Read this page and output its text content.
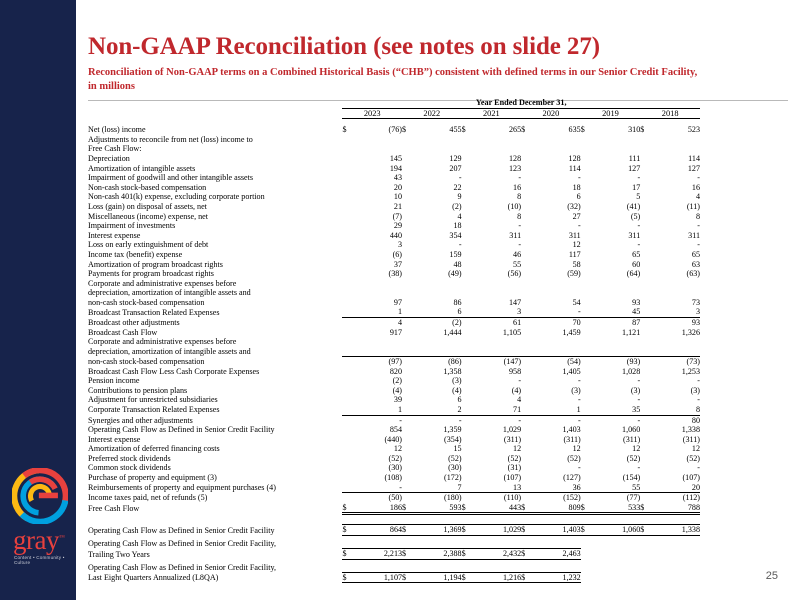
Non-GAAP Reconciliation (see notes on slide 27)
Reconciliation of Non-GAAP terms on a Combined Historical Basis (“CHB”) consistent with defined terms in our Senior Credit Facility, in millions
	Year Ended December 31,											
	2023		2022		2021		2020		2019		2018	

Net (loss) income	$	(76)	$	455	$	265	$	635	$	310	$	523
Adjustments to reconcile from net (loss) income to												
Free Cash Flow:												
Depreciation		145		129		128		128		111		114
Amortization of intangible assets		194		207		123		114		127		127
Impairment of goodwill and other intangible assets		43		-		-		-		-		-
Non-cash stock-based compensation		20		22		16		18		17		16
Non-cash 401(k) expense, excluding corporate portion		10		9		8		6		5		4
Loss (gain) on disposal of assets, net		21		(2)		(10)		(32)		(41)		(11)
Miscellaneous (income) expense, net		(7)		4		8		27		(5)		8
Impairment of investments		29		18		-		-		-		-
Interest expense		440		354		311		311		311		311
Loss on early extinguishment of debt		3		-		-		12		-		-
Income tax (benefit) expense		(6)		159		46		117		65		65
Amortization of program broadcast rights		37		48		55		58		60		63
Payments for program broadcast rights		(38)		(49)		(56)		(59)		(64)		(63)
Corporate and administrative expenses before												
depreciation, amortization of intangible assets and												
non-cash stock-based compensation		97		86		147		54		93		73
Broadcast Transaction Related Expenses		1		6		3		-		45		3
Broadcast other adjustments		4		(2)		61		70		87		93
Broadcast Cash Flow		917		1,444		1,105		1,459		1,121		1,326
Corporate and administrative expenses before												
depreciation, amortization of intangible assets and												
non-cash stock-based compensation		(97)		(86)		(147)		(54)		(93)		(73)
Broadcast Cash Flow Less Cash Corporate Expenses		820		1,358		958		1,405		1,028		1,253
Pension income		(2)		(3)		-		-		-		-
Contributions to pension plans		(4)		(4)		(4)		(3)		(3)		(3)
Adjustment for unrestricted subsidiaries		39		6		4		-		-		-
Corporate Transaction Related Expenses		1		2		71		1		35		8
Synergies and other adjustments		-		-		-		-		-		80
Operating Cash Flow as Defined in Senior Credit Facility		854		1,359		1,029		1,403		1,060		1,338
Interest expense		(440)		(354)		(311)		(311)		(311)		(311)
Amortization of deferred financing costs		12		15		12		12		12		12
Preferred stock dividends		(52)		(52)		(52)		(52)		(52)		(52)
Common stock dividends		(30)		(30)		(31)		-		-		-
Purchase of property and equipment (3)		(108)		(172)		(107)		(127)		(154)		(107)
Reimbursements of property and equipment purchases (4)		-		7		13		36		55		20
Income taxes paid, net of refunds (5)		(50)		(180)		(110)		(152)		(77)		(112)
Free Cash Flow	$	186	$	593	$	443	$	809	$	533	$	788
Operating Cash Flow as Defined in Senior Credit Facility	$	864	$	1,369	$	1,029	$	1,403	$	1,060	$	1,338

Operating Cash Flow as Defined in Senior Credit Facility,												
Trailing Two Years	$	2,213	$	2,388	$	2,432	$	2,463				

Operating Cash Flow as Defined in Senior Credit Facility,												
Last Eight Quarters Annualized (L8QA)	$	1,107	$	1,194	$	1,216	$	1,232				
gray™
Content • Community • Culture
25
